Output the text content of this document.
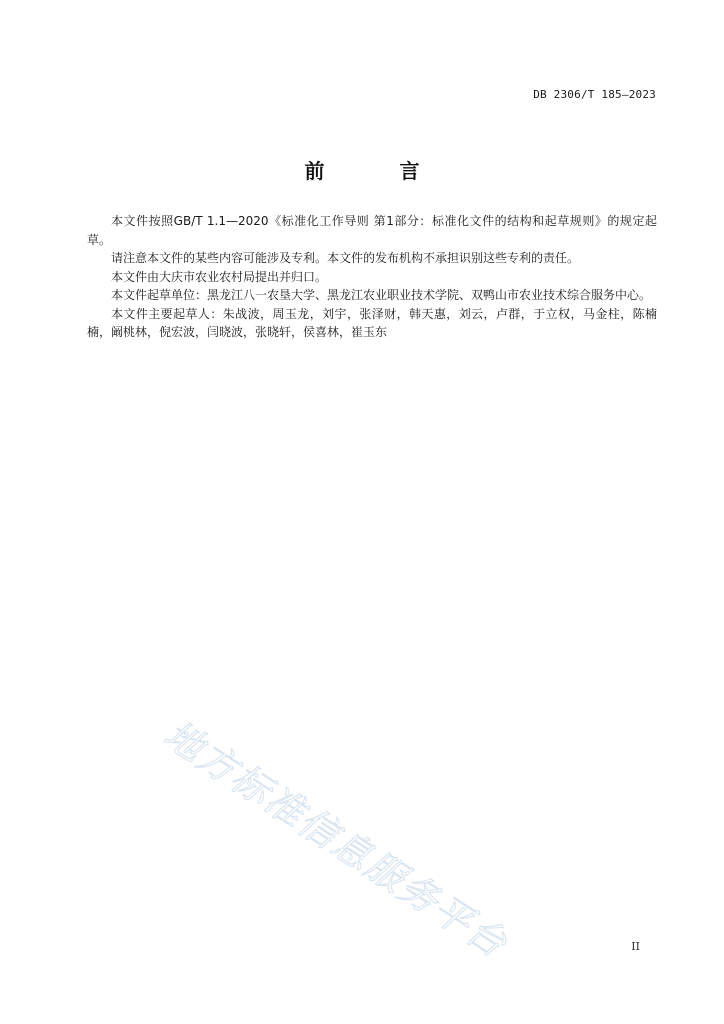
DB 2306/T 185—2023
前 言

本文件按照GB/T 1.1—2020《标准化工作导则 第1部分：标准化文件的结构和起草规则》的规定起草。

请注意本文件的某些内容可能涉及专利。本文件的发布机构不承担识别这些专利的责任。

本文件由大庆市农业农村局提出并归口。

本文件起草单位：黑龙江八一农垦大学、黑龙江农业职业技术学院、双鸭山市农业技术综合服务中心。

本文件主要起草人：朱战波，周玉龙，刘宇，张泽财，韩天惠，刘云，卢群，于立权，马金柱，陈楠楠，阚桃林，倪宏波，闫晓波，张晓轩，侯喜林，崔玉东

地方标准信息服务平台	II
